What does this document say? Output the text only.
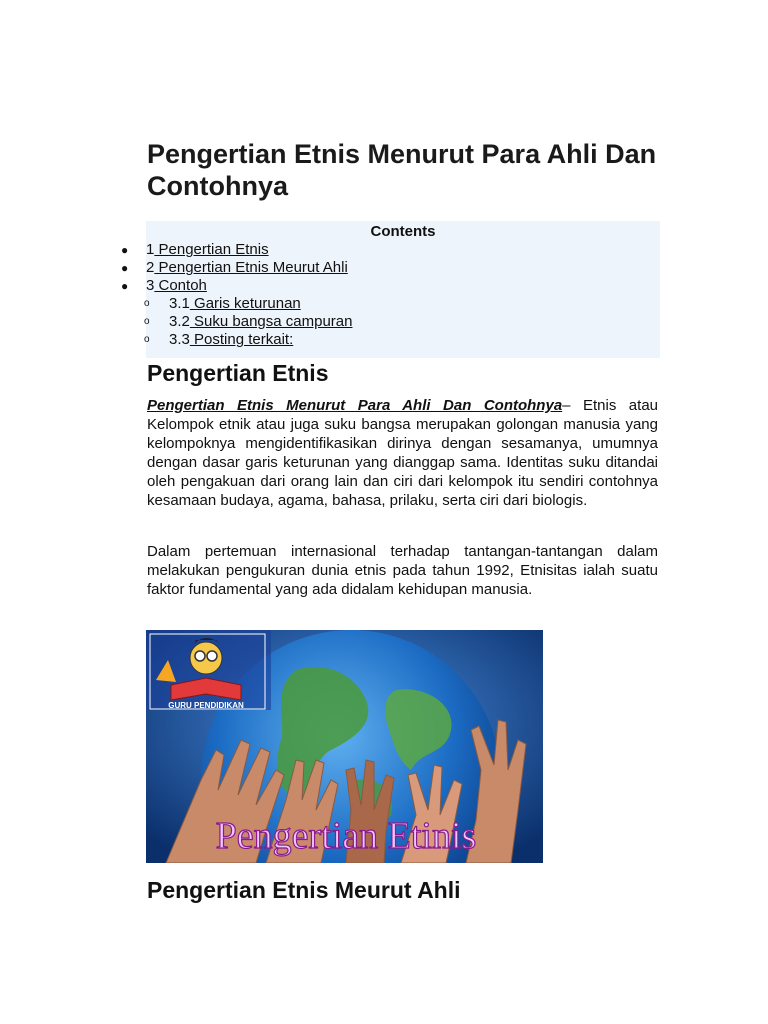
Pengertian Etnis Menurut Para Ahli Dan Contohnya
Contents
● 1 Pengertian Etnis
● 2 Pengertian Etnis Meurut Ahli
● 3 Contoh
o 3.1 Garis keturunan
o 3.2 Suku bangsa campuran
o 3.3 Posting terkait:
Pengertian Etnis

Pengertian Etnis Menurut Para Ahli Dan Contohnya– Etnis atau Kelompok etnik atau juga suku bangsa merupakan golongan manusia yang kelompoknya mengidentifikasikan dirinya dengan sesamanya, umumnya dengan dasar garis keturunan yang dianggap sama. Identitas suku ditandai oleh pengakuan dari orang lain dan ciri dari kelompok itu sendiri contohnya kesamaan budaya, agama, bahasa, prilaku, serta ciri dari biologis.

Dalam pertemuan internasional terhadap tantangan-tantangan dalam melakukan pengukuran dunia etnis pada tahun 1992, Etnisitas ialah suatu faktor fundamental yang ada didalam kehidupan manusia.

GURU PENDIDIKAN
Pengertian Etinis
Pengertian Etnis Meurut Ahli
